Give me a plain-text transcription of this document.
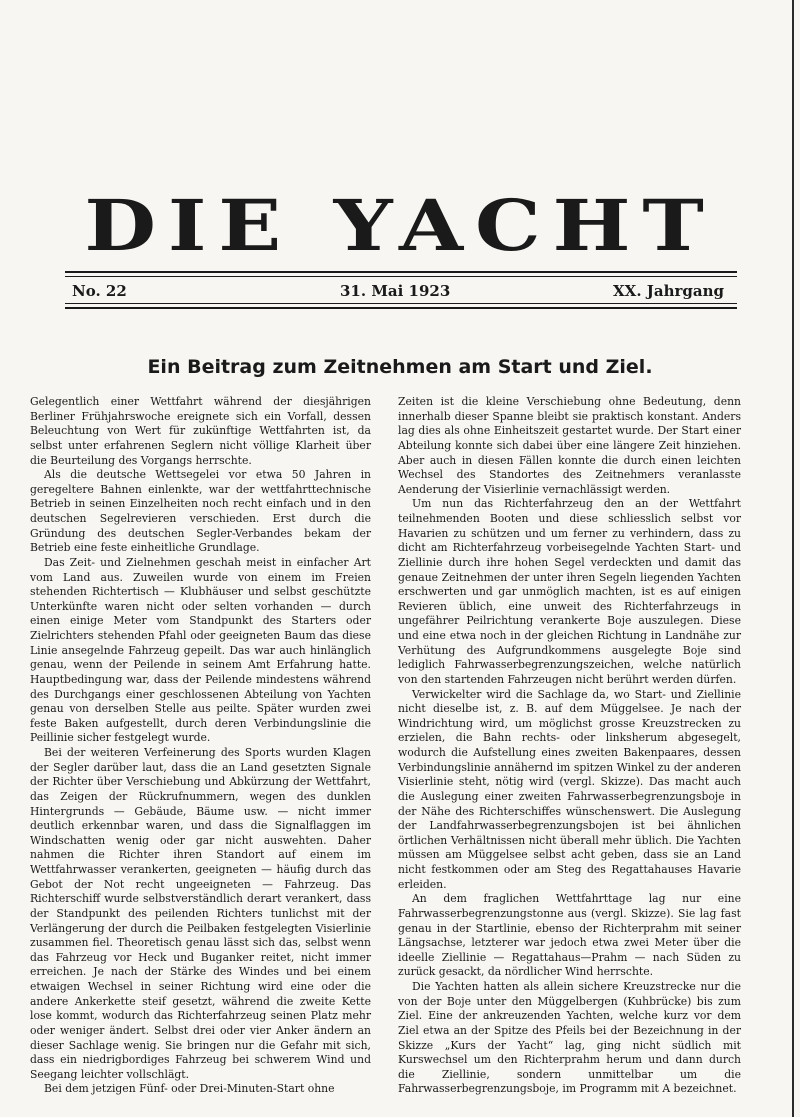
DIE YACHT
No. 22	31. Mai 1923	XX. Jahrgang
Ein Beitrag zum Zeitnehmen am Start und Ziel.

Gelegentlich einer Wettfahrt während der diesjährigen Berliner Frühjahrswoche ereignete sich ein Vorfall, dessen Beleuchtung von Wert für zukünftige Wettfahrten ist, da selbst unter erfahrenen Seglern nicht völlige Klarheit über die Beurteilung des Vorgangs herrschte.

Als die deutsche Wettsegelei vor etwa 50 Jahren in geregeltere Bahnen einlenkte, war der wettfahrttechnische Betrieb in seinen Einzelheiten noch recht einfach und in den deutschen Segelrevieren verschieden. Erst durch die Gründung des deutschen Segler-Verbandes bekam der Betrieb eine feste einheitliche Grundlage.

Das Zeit- und Zielnehmen geschah meist in einfacher Art vom Land aus. Zuweilen wurde von einem im Freien stehenden Richtertisch — Klubhäuser und selbst geschützte Unterkünfte waren nicht oder selten vorhanden — durch einen einige Meter vom Standpunkt des Starters oder Zielrichters stehenden Pfahl oder geeigneten Baum das diese Linie ansegelnde Fahrzeug gepeilt. Das war auch hinlänglich genau, wenn der Peilende in seinem Amt Erfahrung hatte. Hauptbedingung war, dass der Peilende mindestens während des Durchgangs einer geschlossenen Abteilung von Yachten genau von derselben Stelle aus peilte. Später wurden zwei feste Baken aufgestellt, durch deren Verbindungslinie die Peillinie sicher festgelegt wurde.

Bei der weiteren Verfeinerung des Sports wurden Klagen der Segler darüber laut, dass die an Land gesetzten Signale der Richter über Verschiebung und Abkürzung der Wettfahrt, das Zeigen der Rückrufnummern, wegen des dunklen Hintergrunds — Gebäude, Bäume usw. — nicht immer deutlich erkennbar waren, und dass die Signalflaggen im Windschatten wenig oder gar nicht auswehten. Daher nahmen die Richter ihren Standort auf einem im Wettfahrwasser verankerten, geeigneten — häufig durch das Gebot der Not recht ungeeigneten — Fahrzeug. Das Richterschiff wurde selbstverständlich derart verankert, dass der Standpunkt des peilenden Richters tunlichst mit der Verlängerung der durch die Peilbaken festgelegten Visierlinie zusammen fiel. Theoretisch genau lässt sich das, selbst wenn das Fahrzeug vor Heck und Buganker reitet, nicht immer erreichen. Je nach der Stärke des Windes und bei einem etwaigen Wechsel in seiner Richtung wird eine oder die andere Ankerkette steif gesetzt, während die zweite Kette lose kommt, wodurch das Richterfahrzeug seinen Platz mehr oder weniger ändert. Selbst drei oder vier Anker ändern an dieser Sachlage wenig. Sie bringen nur die Gefahr mit sich, dass ein niedrigbordiges Fahrzeug bei schwerem Wind und Seegang leichter vollschlägt.

Bei dem jetzigen Fünf- oder Drei-Minuten-Start ohne

Zeiten ist die kleine Verschiebung ohne Bedeutung, denn innerhalb dieser Spanne bleibt sie praktisch konstant. Anders lag dies als ohne Einheitszeit gestartet wurde. Der Start einer Abteilung konnte sich dabei über eine längere Zeit hinziehen. Aber auch in diesen Fällen konnte die durch einen leichten Wechsel des Standortes des Zeitnehmers veranlasste Aenderung der Visierlinie vernachlässigt werden.

Um nun das Richterfahrzeug den an der Wettfahrt teilnehmenden Booten und diese schliesslich selbst vor Havarien zu schützen und um ferner zu verhindern, dass zu dicht am Richterfahrzeug vorbeisegelnde Yachten Start- und Ziellinie durch ihre hohen Segel verdeckten und damit das genaue Zeitnehmen der unter ihren Segeln liegenden Yachten erschwerten und gar unmöglich machten, ist es auf einigen Revieren üblich, eine unweit des Richterfahrzeugs in ungefährer Peilrichtung verankerte Boje auszulegen. Diese und eine etwa noch in der gleichen Richtung in Landnähe zur Verhütung des Aufgrundkommens ausgelegte Boje sind lediglich Fahrwasserbegrenzungszeichen, welche natürlich von den startenden Fahrzeugen nicht berührt werden dürfen.

Verwickelter wird die Sachlage da, wo Start- und Ziellinie nicht dieselbe ist, z. B. auf dem Müggelsee. Je nach der Windrichtung wird, um möglichst grosse Kreuzstrecken zu erzielen, die Bahn rechts- oder linksherum abgesegelt, wodurch die Aufstellung eines zweiten Bakenpaares, dessen Verbindungslinie annähernd im spitzen Winkel zu der anderen Visierlinie steht, nötig wird (vergl. Skizze). Das macht auch die Auslegung einer zweiten Fahrwasserbegrenzungsboje in der Nähe des Richterschiffes wünschenswert. Die Auslegung der Landfahrwasserbegrenzungsbojen ist bei ähnlichen örtlichen Verhältnissen nicht überall mehr üblich. Die Yachten müssen am Müggelsee selbst acht geben, dass sie an Land nicht festkommen oder am Steg des Regattahauses Havarie erleiden.

An dem fraglichen Wettfahrttage lag nur eine Fahrwasserbegrenzungstonne aus (vergl. Skizze). Sie lag fast genau in der Startlinie, ebenso der Richterprahm mit seiner Längsachse, letzterer war jedoch etwa zwei Meter über die ideelle Ziellinie — Regattahaus—Prahm — nach Süden zu zurück gesackt, da nördlicher Wind herrschte.

Die Yachten hatten als allein sichere Kreuzstrecke nur die von der Boje unter den Müggelbergen (Kuhbrücke) bis zum Ziel. Eine der ankreuzenden Yachten, welche kurz vor dem Ziel etwa an der Spitze des Pfeils bei der Bezeichnung in der Skizze „Kurs der Yacht“ lag, ging nicht südlich mit Kurswechsel um den Richterprahm herum und dann durch die Ziellinie, sondern unmittelbar um die Fahrwasserbegrenzungsboje, im Programm mit A bezeichnet.
